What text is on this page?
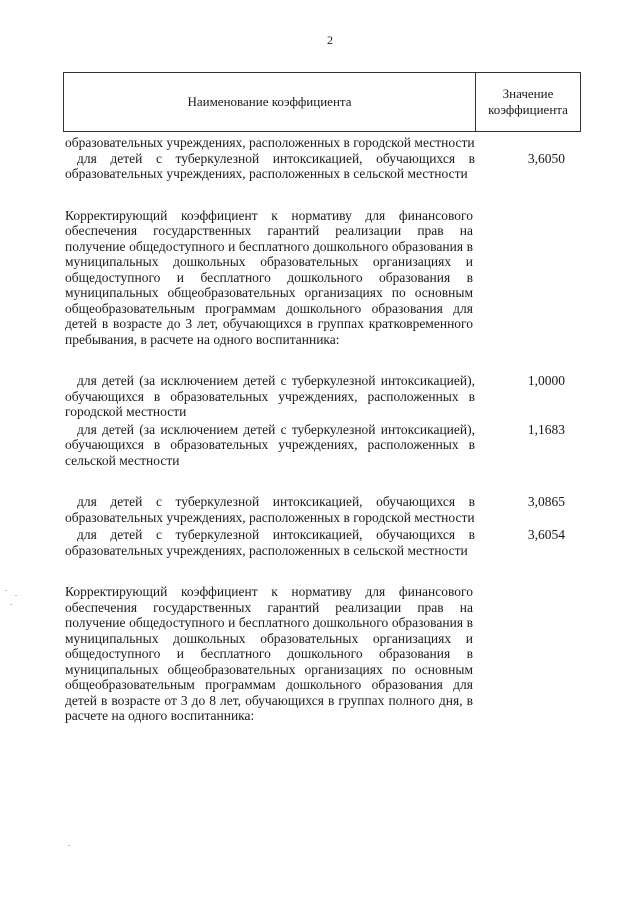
2
Наименование коэффициента
Значение
коэффициента
образовательных учреждениях, расположенных в городской местности
для детей с туберкулезной интоксикацией, обучающихся в образовательных учреждениях, расположенных в сельской местности
3,6050
Корректирующий коэффициент к нормативу для финансового обеспечения государственных гарантий реализации прав на получение общедоступного и бесплатного дошкольного образования в муниципальных дошкольных образовательных организациях и общедоступного и бесплатного дошкольного образования в муниципальных общеобразовательных организациях по основным общеобразовательным программам дошкольного образования для детей в возрасте до 3 лет, обучающихся в группах кратковременного пребывания, в расчете на одного воспитанника:
для детей (за исключением детей с туберкулезной интоксикацией), обучающихся в образовательных учреждениях, расположенных в городской местности
1,0000
для детей (за исключением детей с туберкулезной интоксикацией), обучающихся в образовательных учреждениях, расположенных в сельской местности
1,1683
для детей с туберкулезной интоксикацией, обучающихся в образовательных учреждениях, расположенных в городской местности
3,0865
для детей с туберкулезной интоксикацией, обучающихся в образовательных учреждениях, расположенных в сельской местности
3,6054
Корректирующий коэффициент к нормативу для финансового обеспечения государственных гарантий реализации прав на получение общедоступного и бесплатного дошкольного образования в муниципальных дошкольных образовательных организациях и общедоступного и бесплатного дошкольного образования в муниципальных общеобразовательных организациях по основным общеобразовательным программам дошкольного образования для детей в возрасте от 3 до 8 лет, обучающихся в группах полного дня, в расчете на одного воспитанника:
